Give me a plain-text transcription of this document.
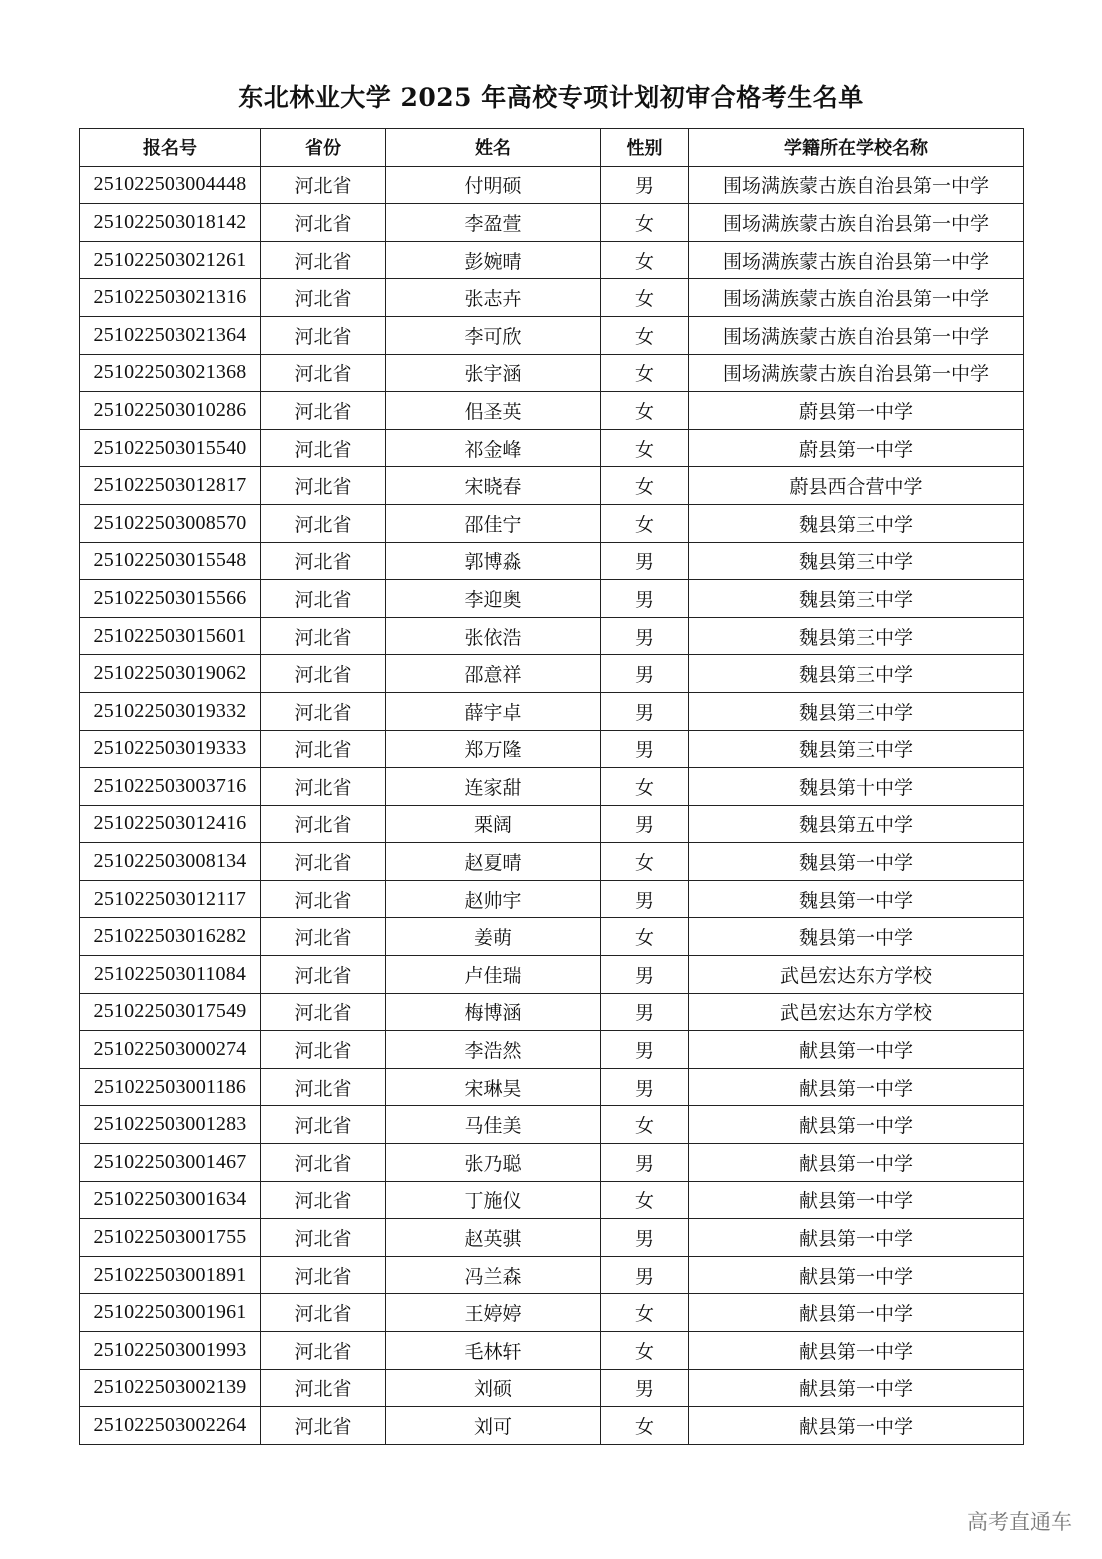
东北林业大学 2025 年高校专项计划初审合格考生名单
报名号	省份	姓名	性别	学籍所在学校名称
251022503004448	河北省	付明硕	男	围场满族蒙古族自治县第一中学
251022503018142	河北省	李盈萱	女	围场满族蒙古族自治县第一中学
251022503021261	河北省	彭婉晴	女	围场满族蒙古族自治县第一中学
251022503021316	河北省	张志卉	女	围场满族蒙古族自治县第一中学
251022503021364	河北省	李可欣	女	围场满族蒙古族自治县第一中学
251022503021368	河北省	张宇涵	女	围场满族蒙古族自治县第一中学
251022503010286	河北省	佀圣英	女	蔚县第一中学
251022503015540	河北省	祁金峰	女	蔚县第一中学
251022503012817	河北省	宋晓春	女	蔚县西合营中学
251022503008570	河北省	邵佳宁	女	魏县第三中学
251022503015548	河北省	郭博淼	男	魏县第三中学
251022503015566	河北省	李迎奥	男	魏县第三中学
251022503015601	河北省	张依浩	男	魏县第三中学
251022503019062	河北省	邵意祥	男	魏县第三中学
251022503019332	河北省	薛宇卓	男	魏县第三中学
251022503019333	河北省	郑万隆	男	魏县第三中学
251022503003716	河北省	连家甜	女	魏县第十中学
251022503012416	河北省	栗阔	男	魏县第五中学
251022503008134	河北省	赵夏晴	女	魏县第一中学
251022503012117	河北省	赵帅宇	男	魏县第一中学
251022503016282	河北省	姜萌	女	魏县第一中学
251022503011084	河北省	卢佳瑞	男	武邑宏达东方学校
251022503017549	河北省	梅博涵	男	武邑宏达东方学校
251022503000274	河北省	李浩然	男	献县第一中学
251022503001186	河北省	宋琳昊	男	献县第一中学
251022503001283	河北省	马佳美	女	献县第一中学
251022503001467	河北省	张乃聪	男	献县第一中学
251022503001634	河北省	丁施仪	女	献县第一中学
251022503001755	河北省	赵英骐	男	献县第一中学
251022503001891	河北省	冯兰森	男	献县第一中学
251022503001961	河北省	王婷婷	女	献县第一中学
251022503001993	河北省	毛林轩	女	献县第一中学
251022503002139	河北省	刘硕	男	献县第一中学
251022503002264	河北省	刘可	女	献县第一中学
高考直通车
